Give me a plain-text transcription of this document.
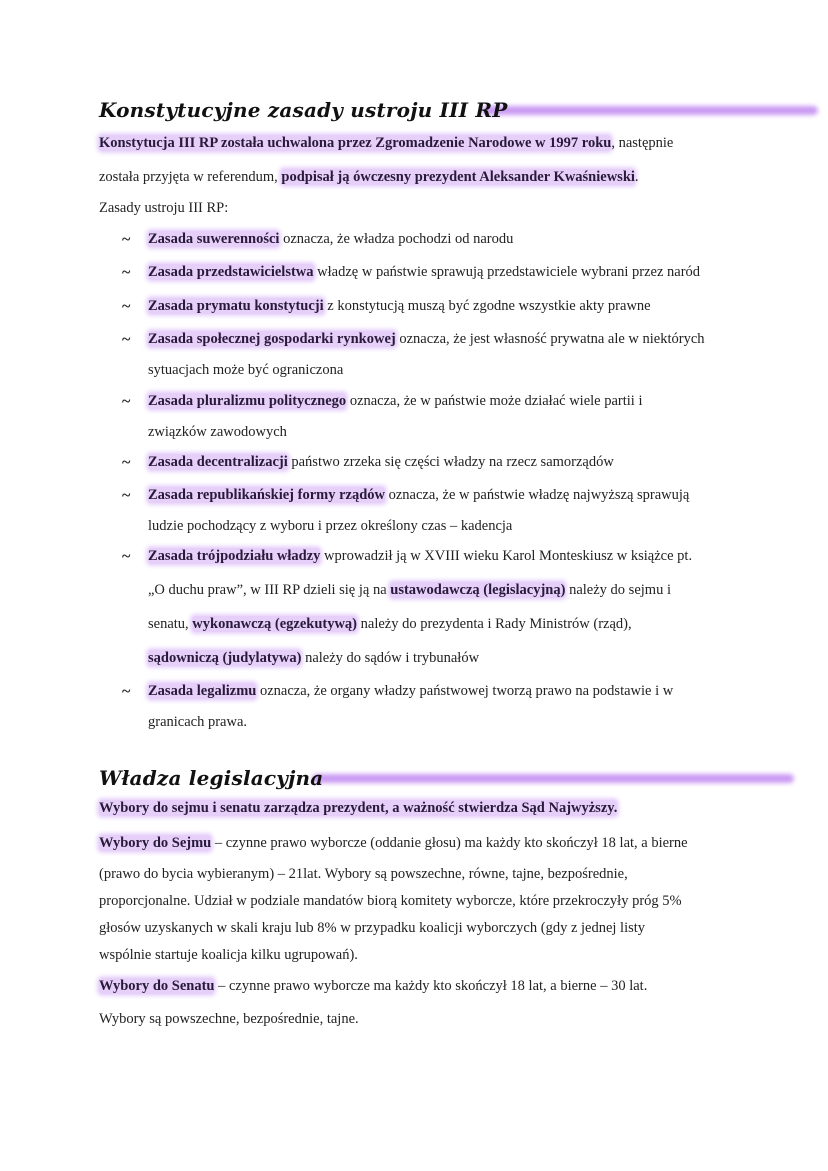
Konstytucyjne zasady ustroju III RP
Konstytucja III RP została uchwalona przez Zgromadzenie Narodowe w 1997 roku, następnie
została przyjęta w referendum, podpisał ją ówczesny prezydent Aleksander Kwaśniewski.
Zasady ustroju III RP:
~ Zasada suwerenności oznacza, że władza pochodzi od narodu
~ Zasada przedstawicielstwa władzę w państwie sprawują przedstawiciele wybrani przez naród
~ Zasada prymatu konstytucji z konstytucją muszą być zgodne wszystkie akty prawne
~ Zasada społecznej gospodarki rynkowej oznacza, że jest własność prywatna ale w niektórych
sytuacjach może być ograniczona
~ Zasada pluralizmu politycznego oznacza, że w państwie może działać wiele partii i
związków zawodowych
~ Zasada decentralizacji państwo zrzeka się części władzy na rzecz samorządów
~ Zasada republikańskiej formy rządów oznacza, że w państwie władzę najwyższą sprawują
ludzie pochodzący z wyboru i przez określony czas – kadencja
~ Zasada trójpodziału władzy wprowadził ją w XVIII wieku Karol Monteskiusz w książce pt.
„O duchu praw”, w III RP dzieli się ją na ustawodawczą (legislacyjną) należy do sejmu i
senatu, wykonawczą (egzekutywą) należy do prezydenta i Rady Ministrów (rząd),
sądowniczą (judylatywa) należy do sądów i trybunałów
~ Zasada legalizmu oznacza, że organy władzy państwowej tworzą prawo na podstawie i w
granicach prawa.
Władza legislacyjna
Wybory do sejmu i senatu zarządza prezydent, a ważność stwierdza Sąd Najwyższy.
Wybory do Sejmu – czynne prawo wyborcze (oddanie głosu) ma każdy kto skończył 18 lat, a bierne
(prawo do bycia wybieranym) – 21lat. Wybory są powszechne, równe, tajne, bezpośrednie,
proporcjonalne. Udział w podziale mandatów biorą komitety wyborcze, które przekroczyły próg 5%
głosów uzyskanych w skali kraju lub 8% w przypadku koalicji wyborczych (gdy z jednej listy
wspólnie startuje koalicja kilku ugrupowań).
Wybory do Senatu – czynne prawo wyborcze ma każdy kto skończył 18 lat, a bierne – 30 lat.
Wybory są powszechne, bezpośrednie, tajne.
